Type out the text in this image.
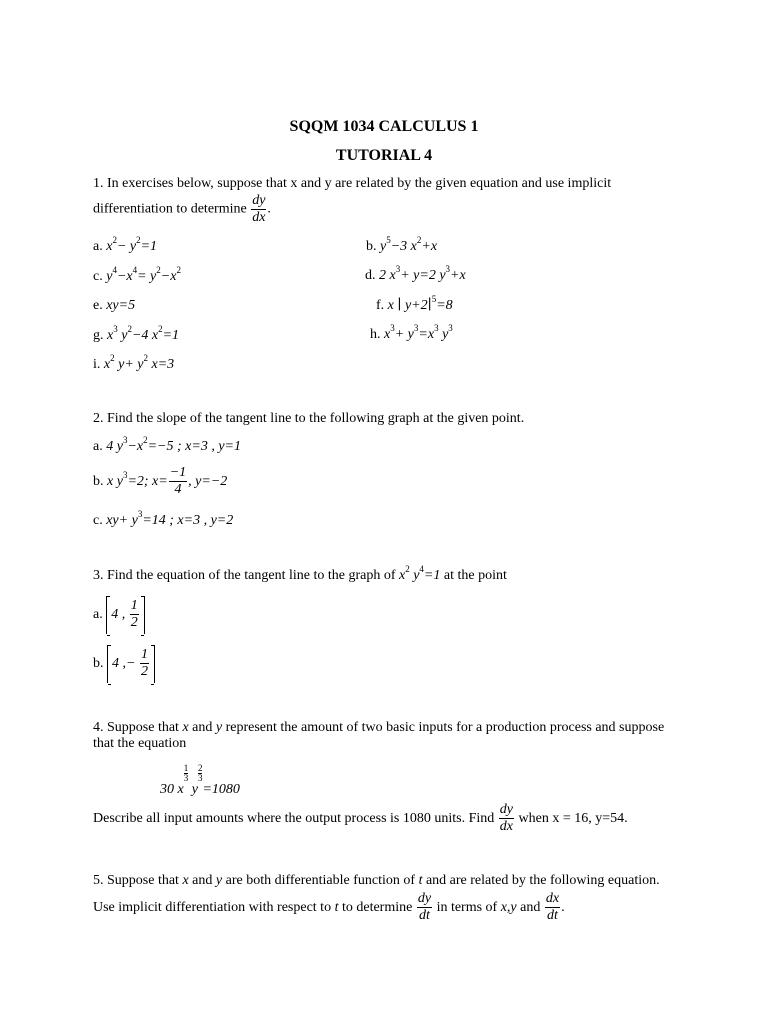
SQQM 1034 CALCULUS 1
TUTORIAL 4
1. In exercises below, suppose that x and y are related by the given equation and use implicit
differentiation to determine $\frac{dy}{dx}$ .
a. $x^2- y^2=1$	b. $y^5-3$ $x^2+x$
c. $y^4-x^4= y^2-x^2$	d. 2 $x^3+ y=2$ $y^3+x$
e. xy=5	f. x ∣ y+2∣$^5$=8
g. $x^3$ $y^2-4$ $x^2=1$	h. $x^3+ y^3=x^3$ $y^3$
i. $x^2$ $y+ y^2$ x=3
2. Find the slope of the tangent line to the following graph at the given point.
a. 4 $y^3-x^2=-5$ ; x=3 , y=1
b. x $y^3=2$; $x= \frac{-1}{4}$ , y=−2
c. $xy+ y^3=14$ ; x=3 , y=2
3. Find the equation of the tangent line to the graph of $x^2$ $y^4=1$ at the point
a. 4 , $\frac{1}{2}$
b. 4 ,− $\frac{1}{2}$
4. Suppose that x and y represent the amount of two basic inputs for a production process and suppose
that the equation
30 x
$\frac{1}{3}$
y
$\frac{2}{3}$
=1080
Describe all input amounts where the output process is 1080 units. Find $\frac{dy}{dx}$ when x = 16, y=54.
5. Suppose that x and y are both differentiable function of t and are related by the following equation.
Use implicit differentiation with respect to t to determine $\frac{dy}{dt}$ in terms of x,y and $\frac{dx}{dt}$ .
